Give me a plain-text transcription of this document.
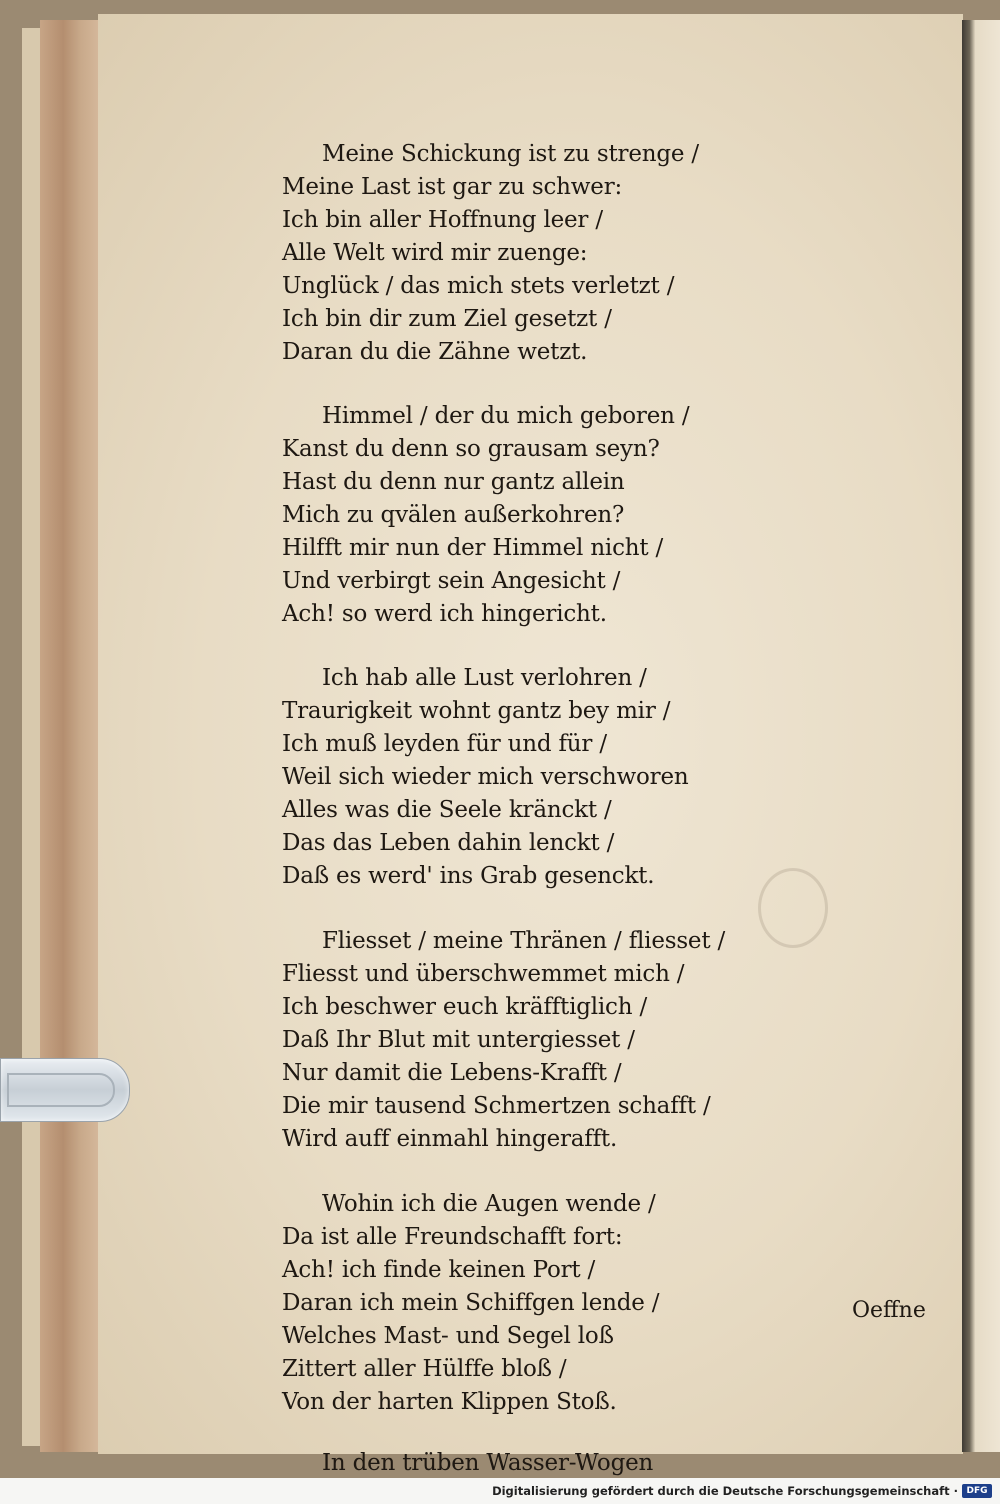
Meine Schickung ist zu strenge /
Meine Last ist gar zu schwer:
Ich bin aller Hoffnung leer /
Alle Welt wird mir zuenge:
Unglück / das mich stets verletzt /
Ich bin dir zum Ziel gesetzt /
Daran du die Zähne wetzt.
Himmel / der du mich geboren /
Kanst du denn so grausam seyn?
Hast du denn nur gantz allein
Mich zu qvälen außerkohren?
Hilfft mir nun der Himmel nicht /
Und verbirgt sein Angesicht /
Ach! so werd ich hingericht.
Ich hab alle Lust verlohren /
Traurigkeit wohnt gantz bey mir /
Ich muß leyden für und für /
Weil sich wieder mich verschworen
Alles was die Seele kränckt /
Das das Leben dahin lenckt /
Daß es werd' ins Grab gesenckt.
Fliesset / meine Thränen / fliesset /
Fliesst und überschwemmet mich /
Ich beschwer euch kräfftiglich /
Daß Ihr Blut mit untergiesset /
Nur damit die Lebens-Krafft /
Die mir tausend Schmertzen schafft /
Wird auff einmahl hingerafft.
Wohin ich die Augen wende /
Da ist alle Freundschafft fort:
Ach! ich finde keinen Port /
Daran ich mein Schiffgen lende /
Welches Mast- und Segel loß
Zittert aller Hülffe bloß /
Von der harten Klippen Stoß.
In den trüben Wasser-Wogen
Oeffne
Digitalisierung gefördert durch die Deutsche Forschungsgemeinschaft · DFG
